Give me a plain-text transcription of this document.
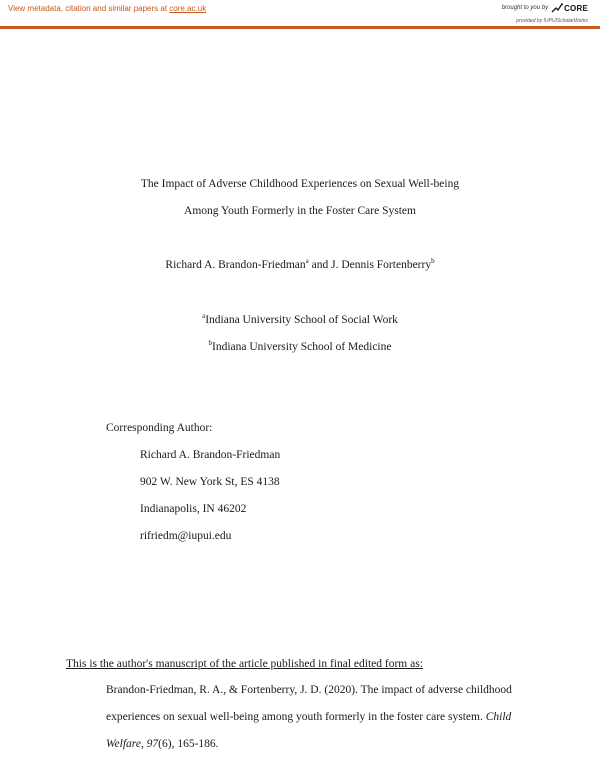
View metadata, citation and similar papers at core.ac.uk	brought to you by CORE
provided by IUPUIScholarWorks
The Impact of Adverse Childhood Experiences on Sexual Well-being
Among Youth Formerly in the Foster Care System
Richard A. Brandon-Friedman$^a$ and J. Dennis Fortenberry$^b$
$^a$Indiana University School of Social Work
$^b$Indiana University School of Medicine
Corresponding Author:
Richard A. Brandon-Friedman
902 W. New York St, ES 4138
Indianapolis, IN 46202
rifriedm@iupui.edu
This is the author's manuscript of the article published in final edited form as:
Brandon-Friedman, R. A., & Fortenberry, J. D. (2020). The impact of adverse childhood
experiences on sexual well-being among youth formerly in the foster care system. Child
Welfare, 97(6), 165-186.
